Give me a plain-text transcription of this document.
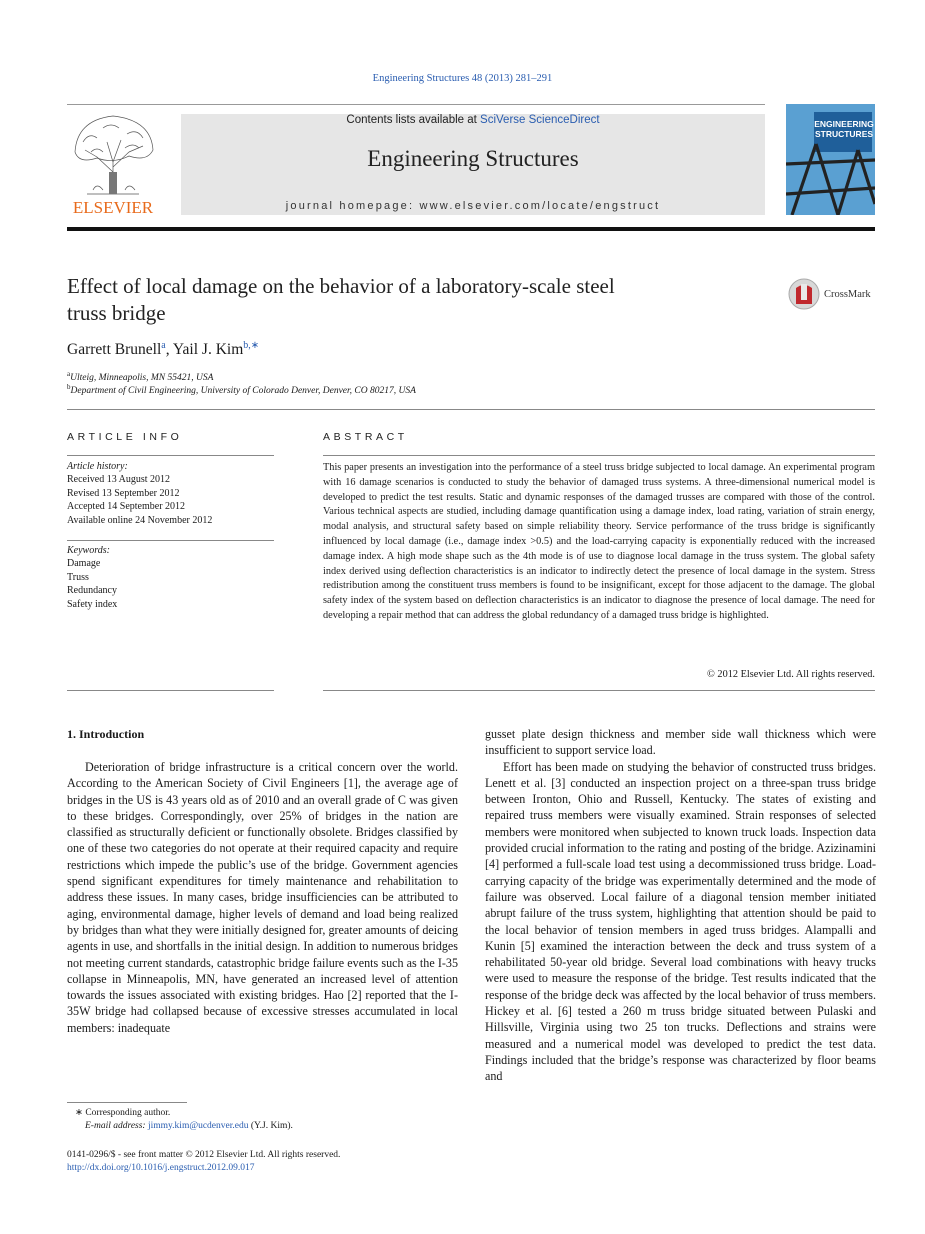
Engineering Structures 48 (2013) 281–291
ELSEVIER
Contents lists available at SciVerse ScienceDirect
Engineering Structures
journal homepage: www.elsevier.com/locate/engstruct
ENGINEERING
STRUCTURES
Effect of local damage on the behavior of a laboratory-scale steel
truss bridge
CrossMark
Garrett Brunell$^a$, Yail J. Kim$^{b,∗}$
$^a$Ulteig, Minneapolis, MN 55421, USA
$^b$Department of Civil Engineering, University of Colorado Denver, Denver, CO 80217, USA
ARTICLE INFO
Article history:
Received 13 August 2012
Revised 13 September 2012
Accepted 14 September 2012
Available online 24 November 2012
Keywords:
Damage
Truss
Redundancy
Safety index
ABSTRACT
This paper presents an investigation into the performance of a steel truss bridge subjected to local damage. An experimental program with 16 damage scenarios is conducted to study the behavior of damaged truss systems. A three-dimensional numerical model is developed to predict the test results. Static and dynamic responses of the damaged trusses are compared with those of the control. Various technical aspects are studied, including damage quantification using a damage index, load rating, variation of strain energy, modal analysis, and structural safety based on simple reliability theory. Service performance of the truss bridge is significantly influenced by local damage (i.e., damage index >0.5) and the load-carrying capacity is exponentially reduced with the increased damage index. A high mode shape such as the 4th mode is of use to diagnose local damage in the truss system. The global safety index derived using deflection characteristics is an indicator to indirectly detect the presence of local damage in the system. Stress redistribution among the constituent truss members is found to be insignificant, except for those adjacent to the damage. The global safety index of the system based on deflection characteristics is an indicator to diagnose the presence of local damage. The need for developing a repair method that can address the global redundancy of a damaged truss bridge is highlighted.
© 2012 Elsevier Ltd. All rights reserved.
1. Introduction

Deterioration of bridge infrastructure is a critical concern over the world. According to the American Society of Civil Engineers [1], the average age of bridges in the US is 43 years old as of 2010 and an overall grade of C was given to these bridges. Correspondingly, over 25% of bridges in the nation are classified as structurally deficient or functionally obsolete. Bridges classified by one of these two categories do not operate at their required capacity and require restrictions which impede the public’s use of the bridge. Government agencies spend significant expenditures for timely maintenance and rehabilitation to address these issues. In many cases, bridge insufficiencies can be attributed to aging, environmental damage, higher levels of demand and load being realized by bridges than what they were initially designed for, greater amounts of deicing agents in use, and shortfalls in the initial design. In addition to numerous bridges not meeting current standards, catastrophic bridge failure events such as the I-35 collapse in Minneapolis, MN, have generated an increased level of attention towards the issues associated with existing bridges. Hao [2] reported that the I-35W bridge had collapsed because of excessive stresses accumulated in local members: inadequate

gusset plate design thickness and member side wall thickness which were insufficient to support service load.

Effort has been made on studying the behavior of constructed truss bridges. Lenett et al. [3] conducted an inspection project on a three-span truss bridge between Ironton, Ohio and Russell, Kentucky. The states of existing and repaired truss members were visually examined. Strain responses of selected members were monitored when subjected to known truck loads. Inspection data provided crucial information to the rating and posting of the bridge. Azizinamini [4] performed a full-scale load test using a decommissioned truss bridge. Load-carrying capacity of the bridge was experimentally determined and the mode of failure was observed. Local failure of a diagonal tension member initiated abrupt failure of the truss system, highlighting that attention should be paid to the local behavior of tension members in aged truss bridges. Alampalli and Kunin [5] examined the interaction between the deck and truss system of a rehabilitated 50-year old bridge. Several load combinations with heavy trucks were used to measure the response of the bridge. Test results indicated that the response of the bridge deck was affected by the local behavior of truss members. Hickey et al. [6] tested a 260 m truss bridge situated between Pulaski and Hillsville, Virginia using two 25 ton trucks. Deflections and strains were measured and a numerical model was developed to predict the test data. Findings included that the bridge’s response was characterized by floor beams and

∗ Corresponding author.
E-mail address: jimmy.kim@ucdenver.edu (Y.J. Kim).
0141-0296/$ - see front matter © 2012 Elsevier Ltd. All rights reserved.
http://dx.doi.org/10.1016/j.engstruct.2012.09.017
